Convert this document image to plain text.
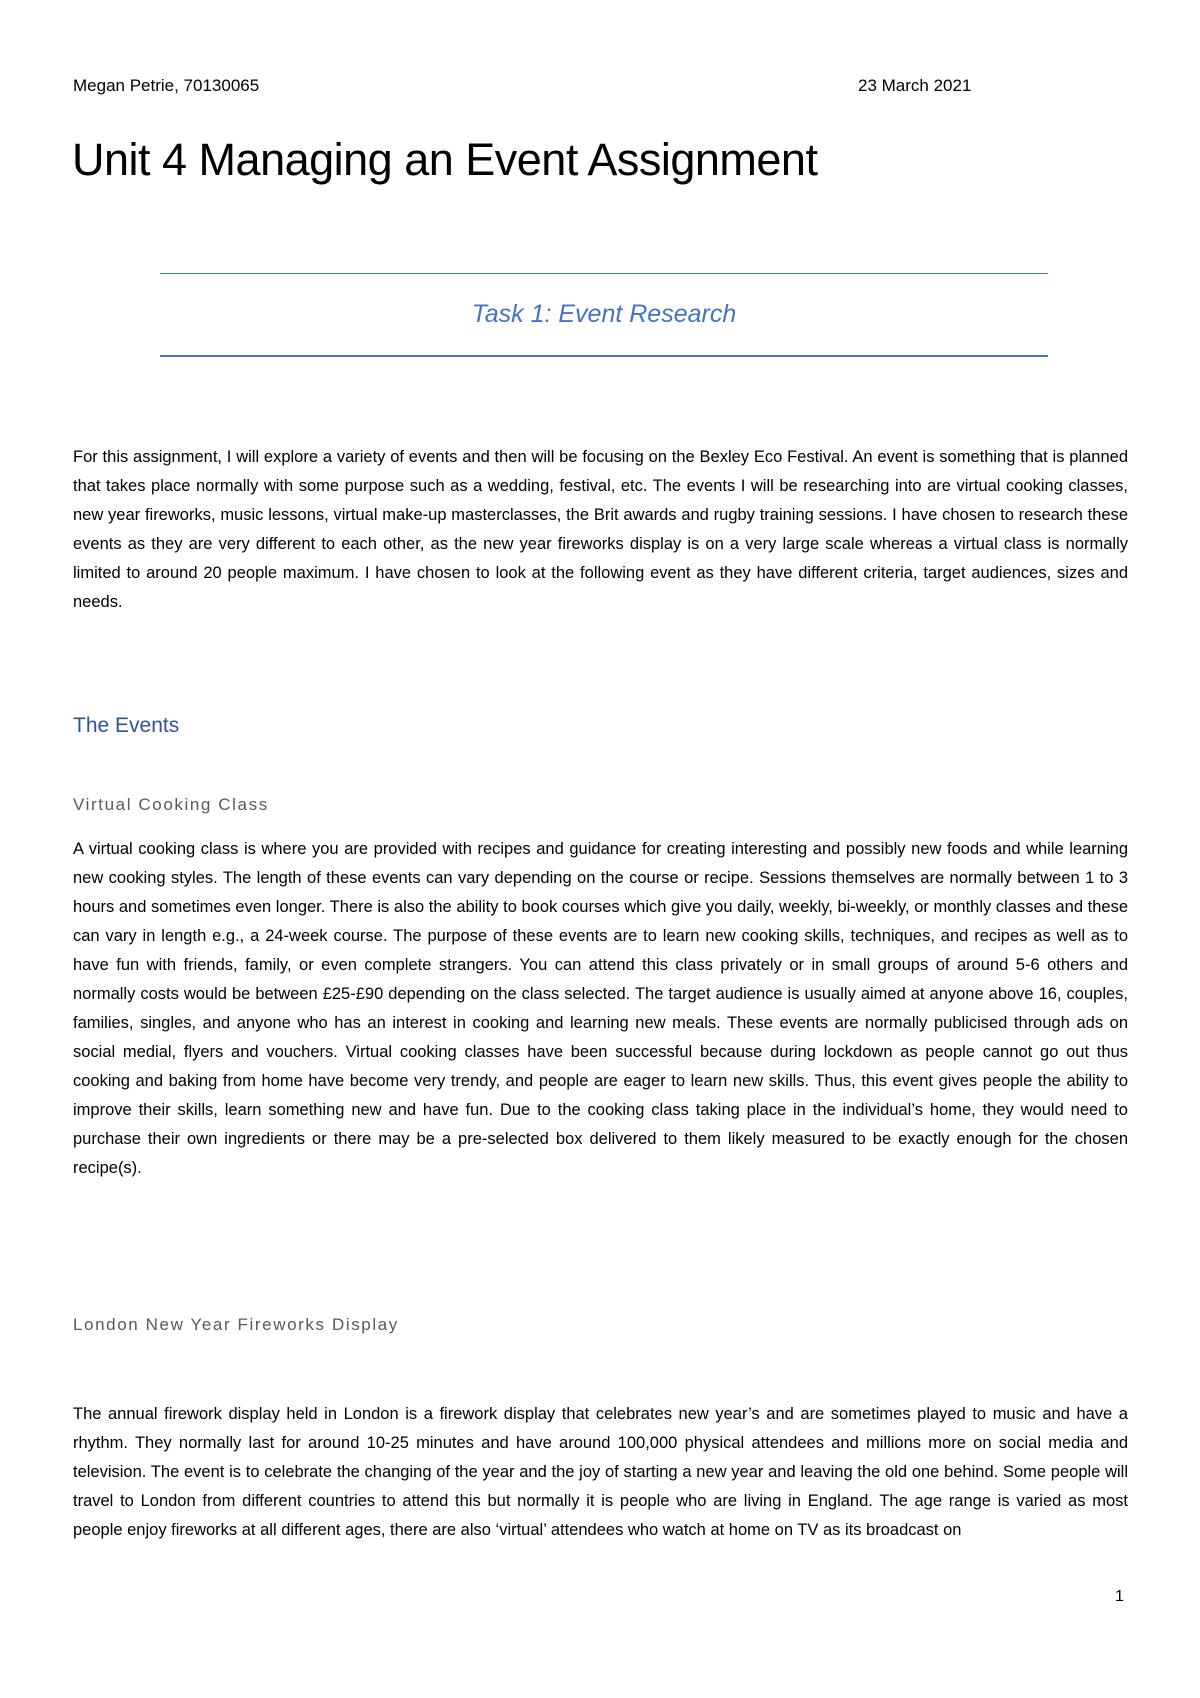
Megan Petrie, 70130065	23 March 2021
Unit 4 Managing an Event Assignment
Task 1: Event Research

For this assignment, I will explore a variety of events and then will be focusing on the Bexley Eco Festival. An event is something that is planned that takes place normally with some purpose such as a wedding, festival, etc. The events I will be researching into are virtual cooking classes, new year fireworks, music lessons, virtual make-up masterclasses, the Brit awards and rugby training sessions. I have chosen to research these events as they are very different to each other, as the new year fireworks display is on a very large scale whereas a virtual class is normally limited to around 20 people maximum. I have chosen to look at the following event as they have different criteria, target audiences, sizes and needs.

The Events
Virtual Cooking Class

A virtual cooking class is where you are provided with recipes and guidance for creating interesting and possibly new foods and while learning new cooking styles. The length of these events can vary depending on the course or recipe. Sessions themselves are normally between 1 to 3 hours and sometimes even longer. There is also the ability to book courses which give you daily, weekly, bi-weekly, or monthly classes and these can vary in length e.g., a 24-week course. The purpose of these events are to learn new cooking skills, techniques, and recipes as well as to have fun with friends, family, or even complete strangers. You can attend this class privately or in small groups of around 5-6 others and normally costs would be between £25-£90 depending on the class selected. The target audience is usually aimed at anyone above 16, couples, families, singles, and anyone who has an interest in cooking and learning new meals. These events are normally publicised through ads on social medial, flyers and vouchers. Virtual cooking classes have been successful because during lockdown as people cannot go out thus cooking and baking from home have become very trendy, and people are eager to learn new skills. Thus, this event gives people the ability to improve their skills, learn something new and have fun. Due to the cooking class taking place in the individual’s home, they would need to purchase their own ingredients or there may be a pre-selected box delivered to them likely measured to be exactly enough for the chosen recipe(s).

London New Year Fireworks Display

The annual firework display held in London is a firework display that celebrates new year’s and are sometimes played to music and have a rhythm. They normally last for around 10-25 minutes and have around 100,000 physical attendees and millions more on social media and television. The event is to celebrate the changing of the year and the joy of starting a new year and leaving the old one behind. Some people will travel to London from different countries to attend this but normally it is people who are living in England. The age range is varied as most people enjoy fireworks at all different ages, there are also ‘virtual’ attendees who watch at home on TV as its broadcast on

1
